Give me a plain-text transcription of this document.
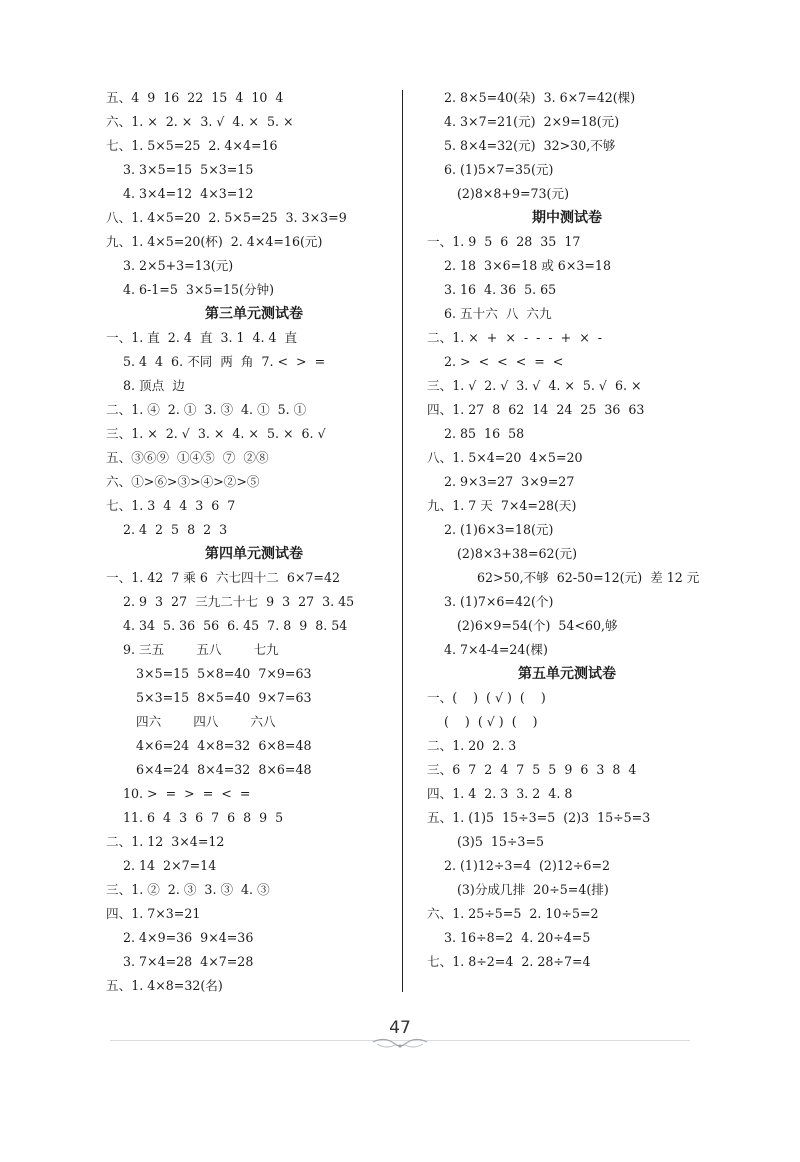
五、4  9  16  22  15  4  10  4
六、1. ×  2. ×  3. √  4. ×  5. ×
七、1. 5×5=25  2. 4×4=16
3. 3×5=15  5×3=15
4. 3×4=12  4×3=12
八、1. 4×5=20  2. 5×5=25  3. 3×3=9
九、1. 4×5=20(杯)  2. 4×4=16(元)
3. 2×5+3=13(元)
4. 6-1=5  3×5=15(分钟)
第三单元测试卷
一、1. 直  2. 4  直  3. 1  4. 4  直
5. 4  4  6. 不同  两  角  7. <  >  =
8. 顶点  边
二、1. ④  2. ①  3. ③  4. ①  5. ①
三、1. ×  2. √  3. ×  4. ×  5. ×  6. √
五、③⑥⑨  ①④⑤  ⑦  ②⑧
六、①>⑥>③>④>②>⑤
七、1. 3  4  4  3  6  7
2. 4  2  5  8  2  3
第四单元测试卷
一、1. 42  7 乘 6  六七四十二  6×7=42
2. 9  3  27  三九二十七  9  3  27  3. 45
4. 34  5. 36  56  6. 45  7. 8  9  8. 54
9. 三五        五八        七九
3×5=15  5×8=40  7×9=63
5×3=15  8×5=40  9×7=63
四六        四八        六八
4×6=24  4×8=32  6×8=48
6×4=24  8×4=32  8×6=48
10. >  =  >  =  <  =
11. 6  4  3  6  7  6  8  9  5
二、1. 12  3×4=12
2. 14  2×7=14
三、1. ②  2. ③  3. ③  4. ③
四、1. 7×3=21
2. 4×9=36  9×4=36
3. 7×4=28  4×7=28
五、1. 4×8=32(名)
2. 8×5=40(朵)  3. 6×7=42(棵)
4. 3×7=21(元)  2×9=18(元)
5. 8×4=32(元)  32>30,不够
6. (1)5×7=35(元)
(2)8×8+9=73(元)
期中测试卷
一、1. 9  5  6  28  35  17
2. 18  3×6=18 或 6×3=18
3. 16  4. 36  5. 65
6. 五十六  八  六九
二、1. ×  +  ×  -  -  -  +  ×  -
2. >  <  <  <  =  <
三、1. √  2. √  3. √  4. ×  5. √  6. ×
四、1. 27  8  62  14  24  25  36  63
2. 85  16  58
八、1. 5×4=20  4×5=20
2. 9×3=27  3×9=27
九、1. 7 天  7×4=28(天)
2. (1)6×3=18(元)
(2)8×3+38=62(元)
62>50,不够  62-50=12(元)  差 12 元
3. (1)7×6=42(个)
(2)6×9=54(个)  54<60,够
4. 7×4-4=24(棵)
第五单元测试卷
一、(    )  ( √ )  (    )
(    )  ( √ )  (    )
二、1. 20  2. 3
三、6  7  2  4  7  5  5  9  6  3  8  4
四、1. 4  2. 3  3. 2  4. 8
五、1. (1)5  15÷3=5  (2)3  15÷5=3
(3)5  15÷3=5
2. (1)12÷3=4  (2)12÷6=2
(3)分成几排  20÷5=4(排)
六、1. 25÷5=5  2. 10÷5=2
3. 16÷8=2  4. 20÷4=5
七、1. 8÷2=4  2. 28÷7=4
47
